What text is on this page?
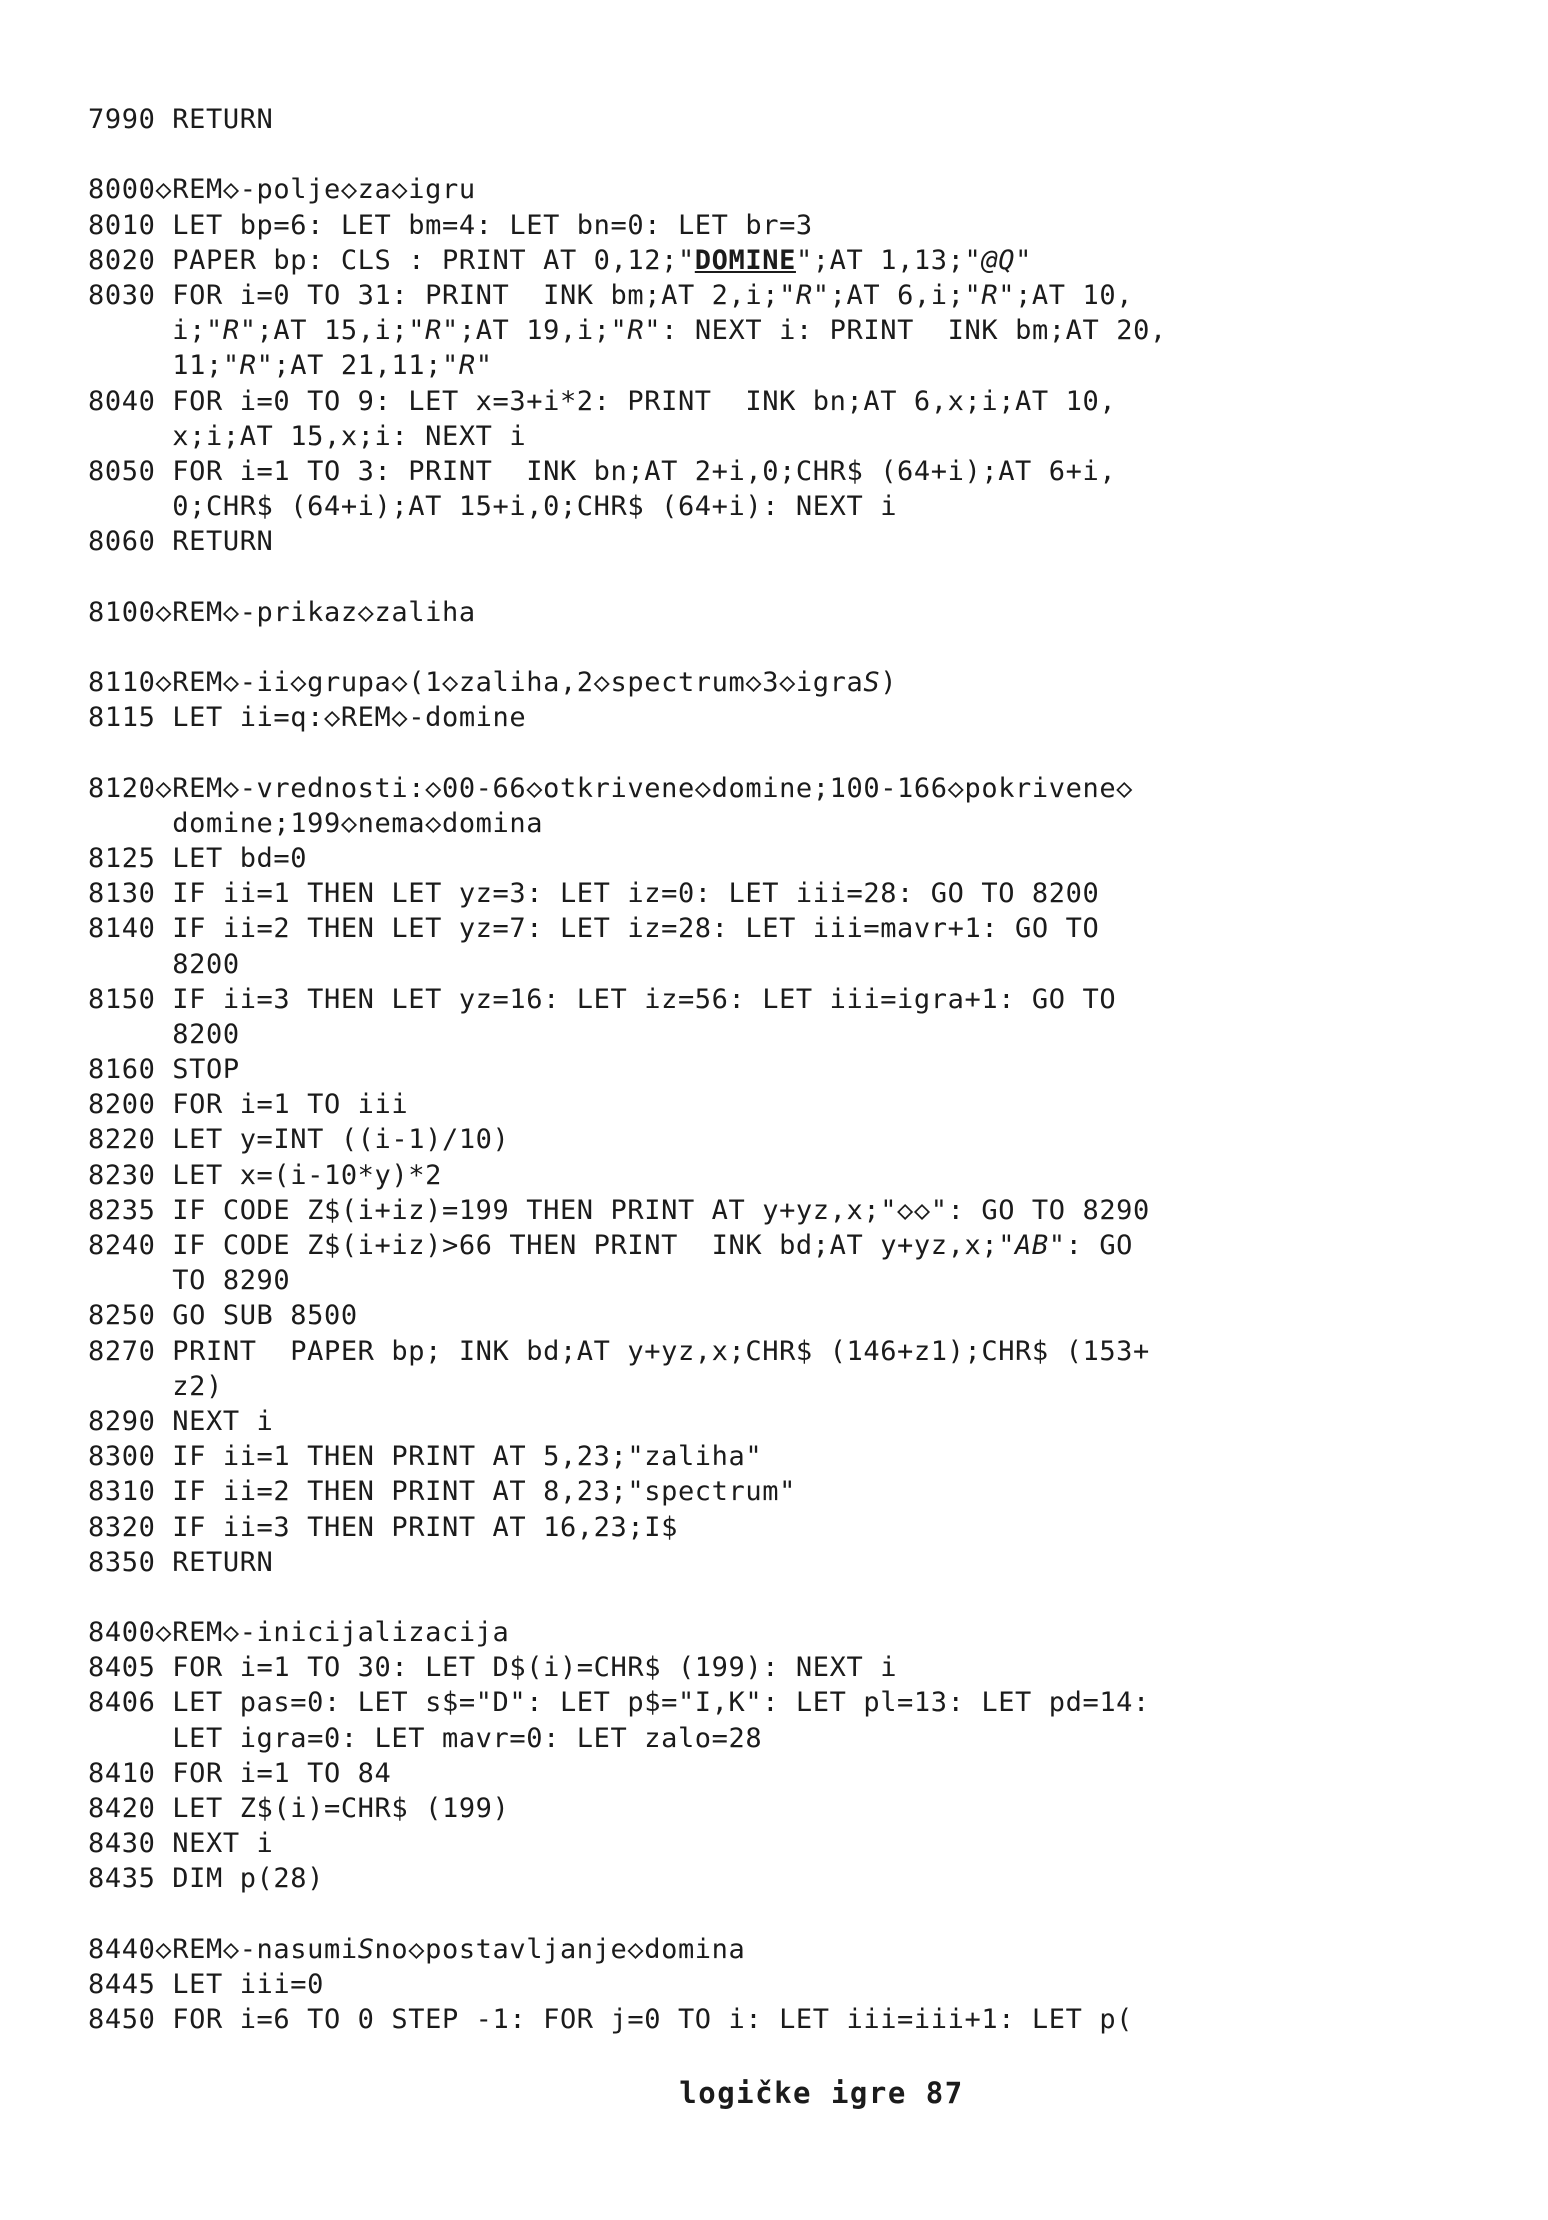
7990 RETURN
8000◇REM◇-polje◇za◇igru
8010 LET bp=6: LET bm=4: LET bn=0: LET br=3
8020 PAPER bp: CLS : PRINT AT 0,12;"DOMINE";AT 1,13;"@Q"
8030 FOR i=0 TO 31: PRINT  INK bm;AT 2,i;"R";AT 6,i;"R";AT 10,
i;"R";AT 15,i;"R";AT 19,i;"R": NEXT i: PRINT  INK bm;AT 20,
11;"R";AT 21,11;"R"
8040 FOR i=0 TO 9: LET x=3+i*2: PRINT  INK bn;AT 6,x;i;AT 10,
x;i;AT 15,x;i: NEXT i
8050 FOR i=1 TO 3: PRINT  INK bn;AT 2+i,0;CHR$ (64+i);AT 6+i,
0;CHR$ (64+i);AT 15+i,0;CHR$ (64+i): NEXT i
8060 RETURN
8100◇REM◇-prikaz◇zaliha
8110◇REM◇-ii◇grupa◇(1◇zaliha,2◇spectrum◇3◇igraS)
8115 LET ii=q:◇REM◇-domine
8120◇REM◇-vrednosti:◇00-66◇otkrivene◇domine;100-166◇pokrivene◇
domine;199◇nema◇domina
8125 LET bd=0
8130 IF ii=1 THEN LET yz=3: LET iz=0: LET iii=28: GO TO 8200
8140 IF ii=2 THEN LET yz=7: LET iz=28: LET iii=mavr+1: GO TO
8200
8150 IF ii=3 THEN LET yz=16: LET iz=56: LET iii=igra+1: GO TO
8200
8160 STOP
8200 FOR i=1 TO iii
8220 LET y=INT ((i-1)/10)
8230 LET x=(i-10*y)*2
8235 IF CODE Z$(i+iz)=199 THEN PRINT AT y+yz,x;"◇◇": GO TO 8290
8240 IF CODE Z$(i+iz)>66 THEN PRINT  INK bd;AT y+yz,x;"AB": GO
TO 8290
8250 GO SUB 8500
8270 PRINT  PAPER bp; INK bd;AT y+yz,x;CHR$ (146+z1);CHR$ (153+
z2)
8290 NEXT i
8300 IF ii=1 THEN PRINT AT 5,23;"zaliha"
8310 IF ii=2 THEN PRINT AT 8,23;"spectrum"
8320 IF ii=3 THEN PRINT AT 16,23;I$
8350 RETURN
8400◇REM◇-inicijalizacija
8405 FOR i=1 TO 30: LET D$(i)=CHR$ (199): NEXT i
8406 LET pas=0: LET s$="D": LET p$="I,K": LET pl=13: LET pd=14:
LET igra=0: LET mavr=0: LET zalo=28
8410 FOR i=1 TO 84
8420 LET Z$(i)=CHR$ (199)
8430 NEXT i
8435 DIM p(28)
8440◇REM◇-nasumiSno◇postavljanje◇domina
8445 LET iii=0
8450 FOR i=6 TO 0 STEP -1: FOR j=0 TO i: LET iii=iii+1: LET p(
logičke igre 87
